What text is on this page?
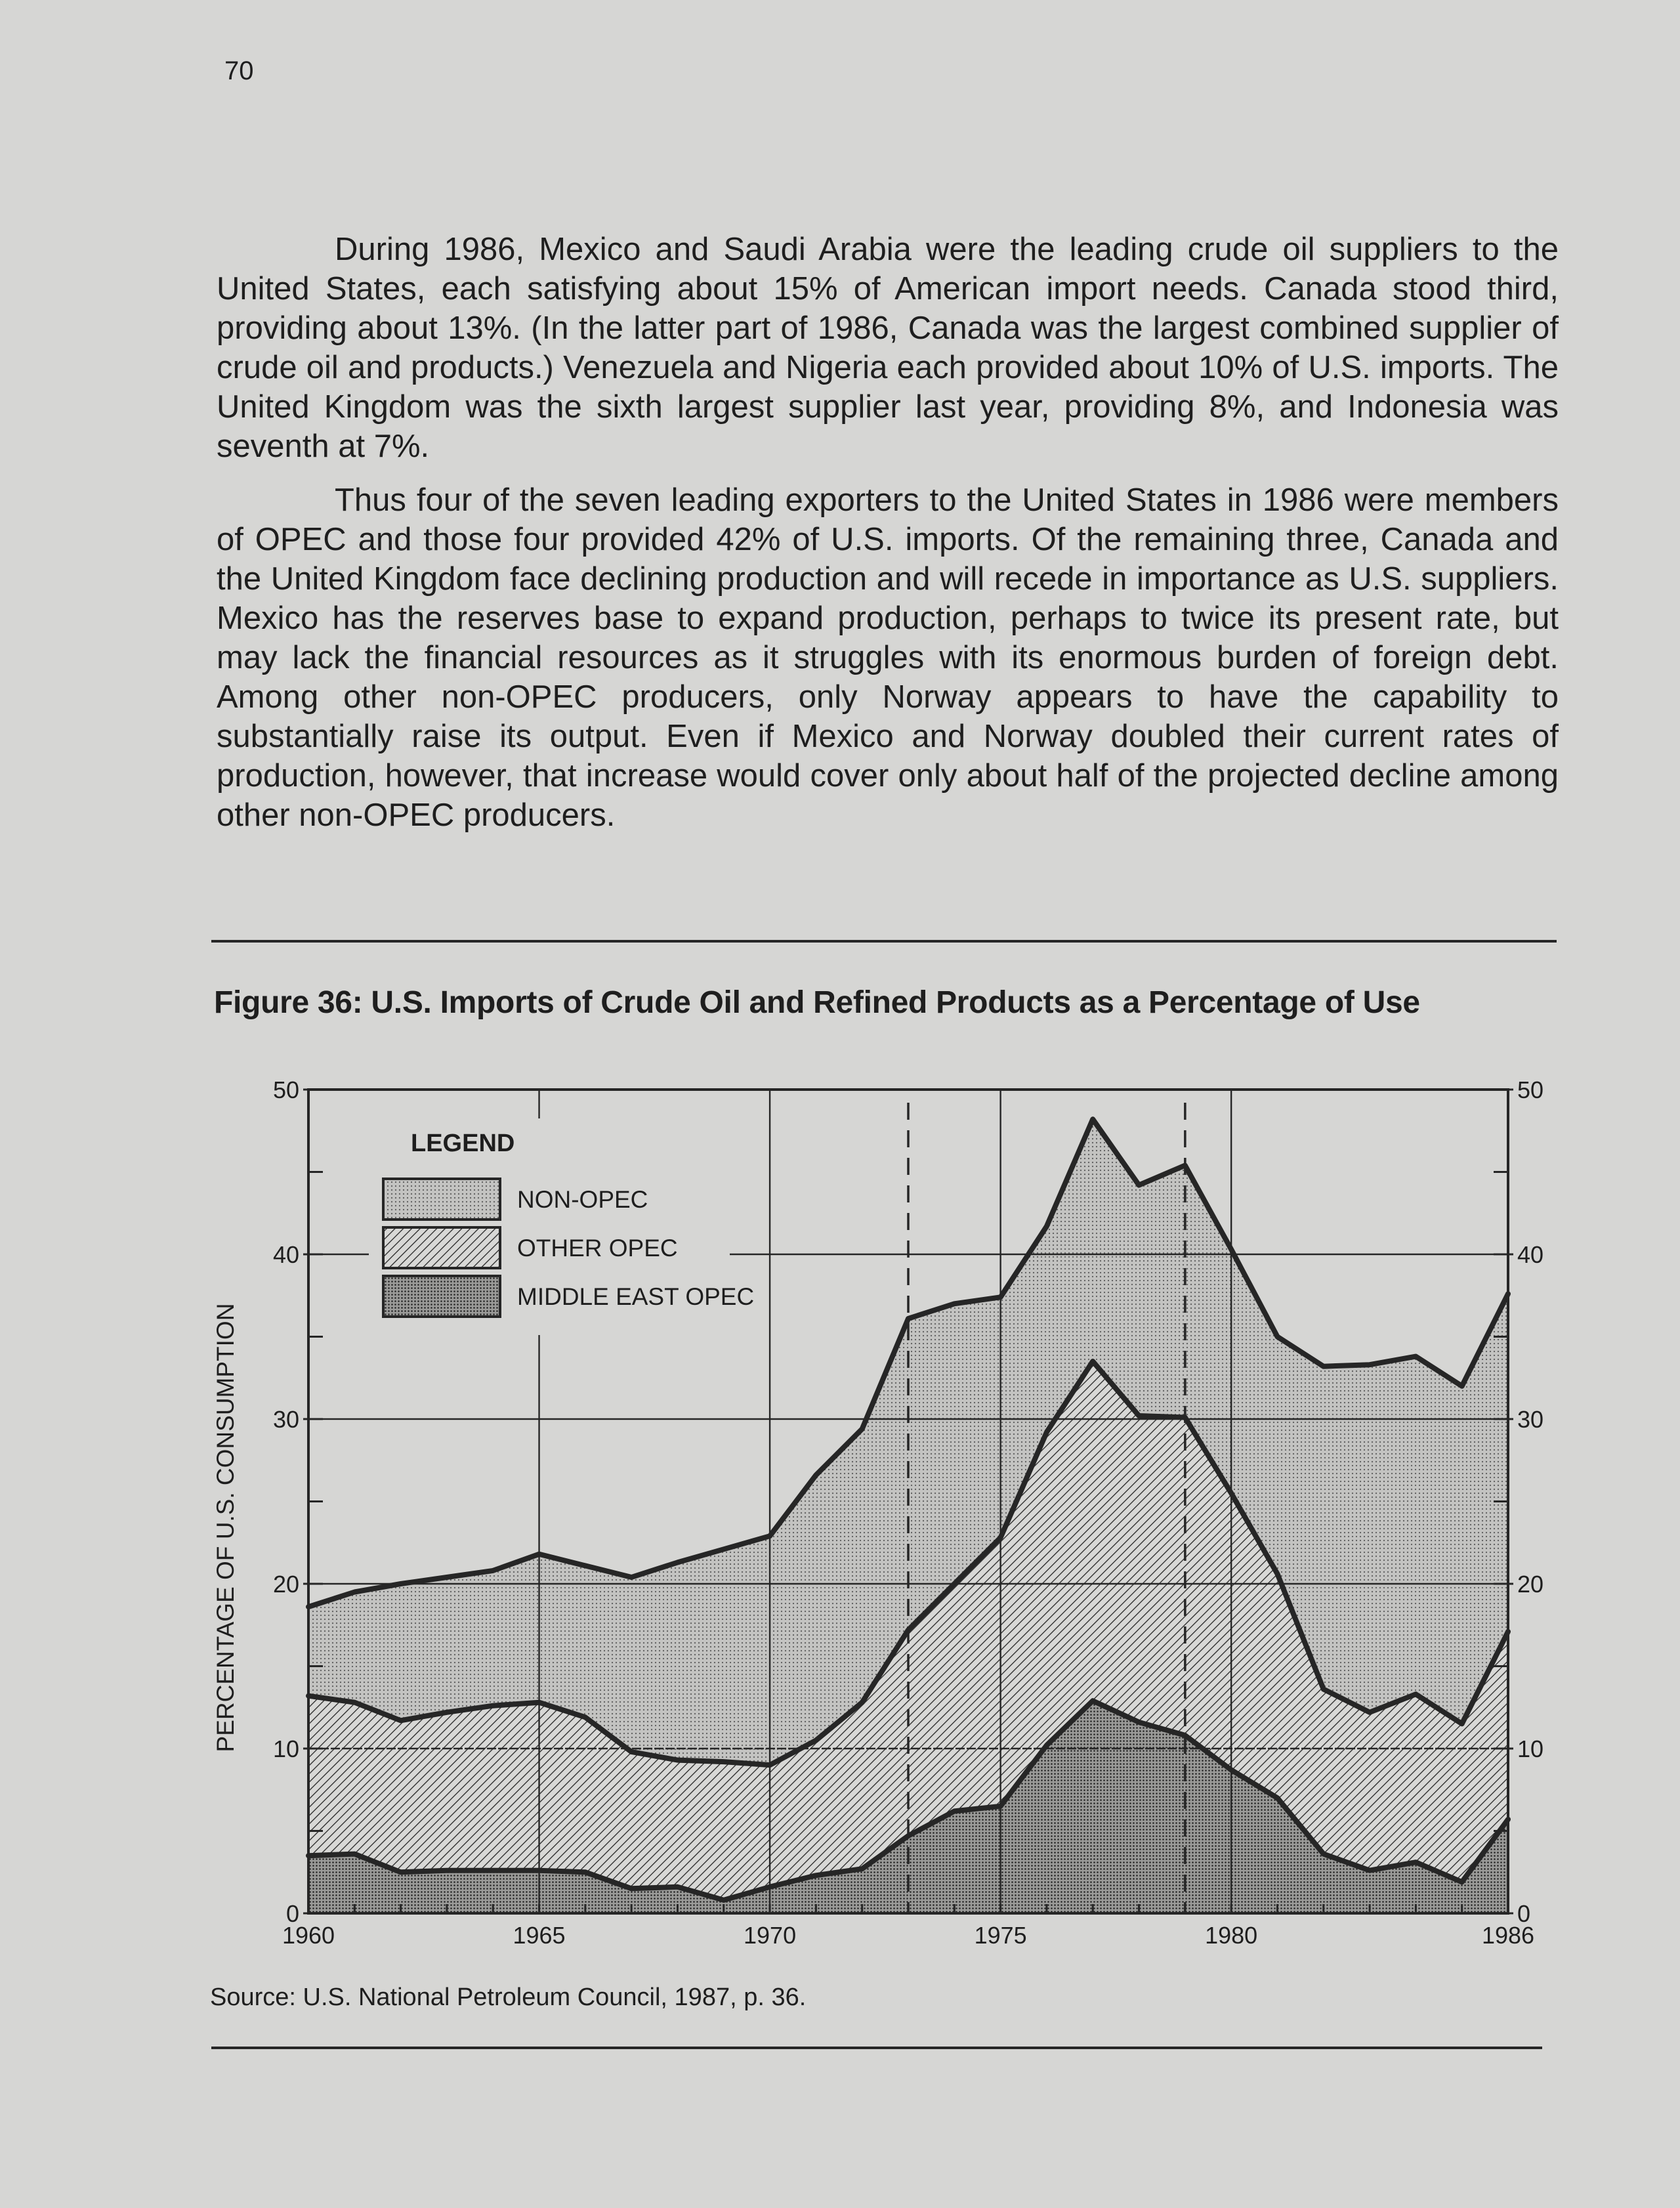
70

During 1986, Mexico and Saudi Arabia were the leading crude oil suppliers to the United States, each satisfying about 15% of American import needs. Canada stood third, providing about 13%. (In the latter part of 1986, Canada was the largest combined supplier of crude oil and products.) Venezuela and Nigeria each provided about 10% of U.S. imports. The United Kingdom was the sixth largest supplier last year, providing 8%, and Indonesia was seventh at 7%.

Thus four of the seven leading exporters to the United States in 1986 were members of OPEC and those four provided 42% of U.S. imports. Of the remaining three, Canada and the United Kingdom face declining production and will recede in importance as U.S. suppliers. Mexico has the reserves base to expand production, perhaps to twice its present rate, but may lack the financial resources as it struggles with its enormous burden of foreign debt. Among other non-OPEC producers, only Norway appears to have the capability to substantially raise its output. Even if Mexico and Norway doubled their current rates of production, however, that increase would cover only about half of the projected decline among other non-OPEC producers.

Figure 36: U.S. Imports of Crude Oil and Refined Products as a Percentage of Use
0
10
20
30
40
50
0
10
20
30
40
50
1960	1965	1970	1975	1980	1986
PERCENTAGE OF U.S. CONSUMPTION
LEGEND
NON-OPEC
OTHER OPEC
MIDDLE EAST OPEC
Source: U.S. National Petroleum Council, 1987, p. 36.
